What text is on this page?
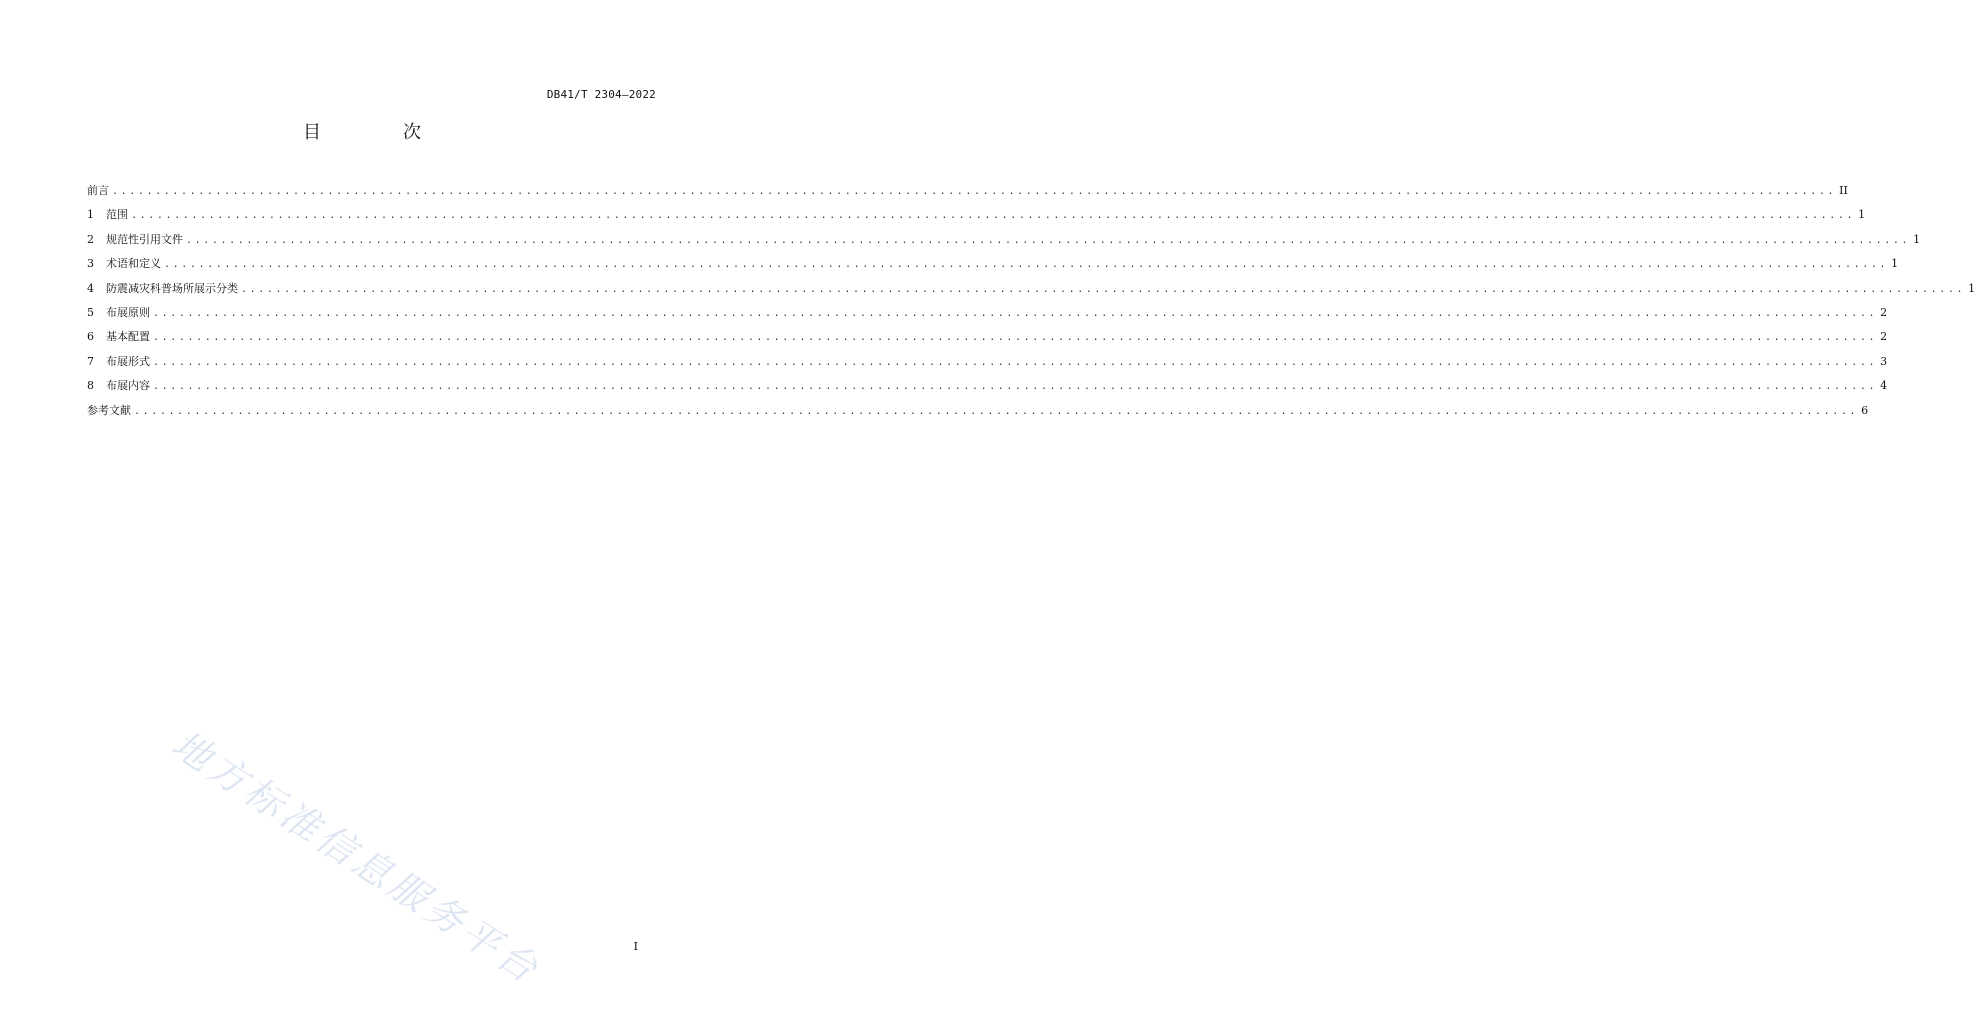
DB41/T 2304—2022
目　次
前言 ........................................................................................................................................................................................................ II
1	范围 ........................................................................................................................................................................................................ 1
2	规范性引用文件 ........................................................................................................................................................................................................ 1
3	术语和定义 ........................................................................................................................................................................................................ 1
4	防震减灾科普场所展示分类 ........................................................................................................................................................................................................ 1
5	布展原则 ........................................................................................................................................................................................................ 2
6	基本配置 ........................................................................................................................................................................................................ 2
7	布展形式 ........................................................................................................................................................................................................ 3
8	布展内容 ........................................................................................................................................................................................................ 4
参考文献 ........................................................................................................................................................................................................ 6
地方标准信息服务平台	I
